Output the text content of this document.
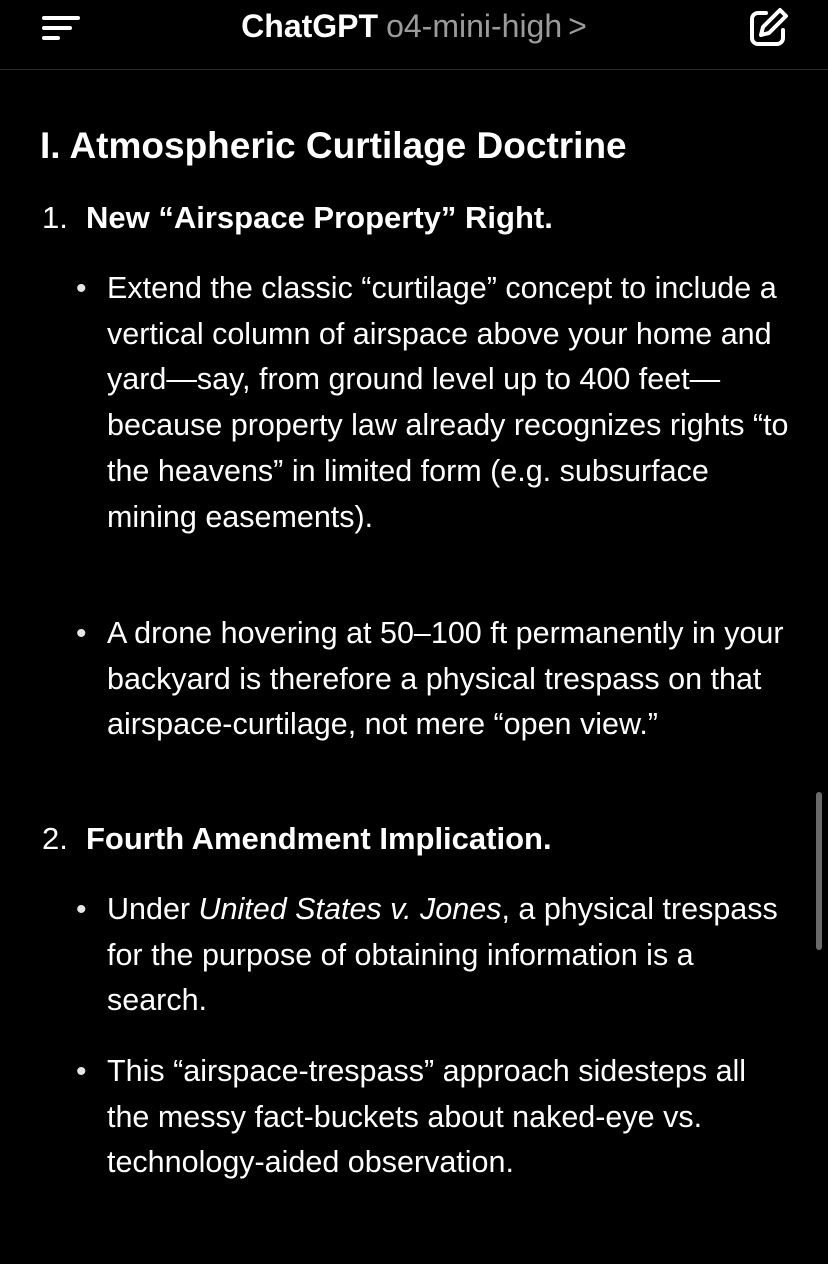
ChatGPT o4-mini-high >
I. Atmospheric Curtilage Doctrine
1. New “Airspace Property” Right.
• Extend the classic “curtilage” concept to include a vertical column of airspace above your home and yard—say, from ground level up to 400 feet—because property law already recognizes rights “to the heavens” in limited form (e.g. subsurface mining easements).
• A drone hovering at 50–100 ft permanently in your backyard is therefore a physical trespass on that airspace-curtilage, not mere “open view.”
2. Fourth Amendment Implication.
• Under United States v. Jones, a physical trespass for the purpose of obtaining information is a search.
• This “airspace-trespass” approach sidesteps all the messy fact-buckets about naked-eye vs. technology-aided observation.
